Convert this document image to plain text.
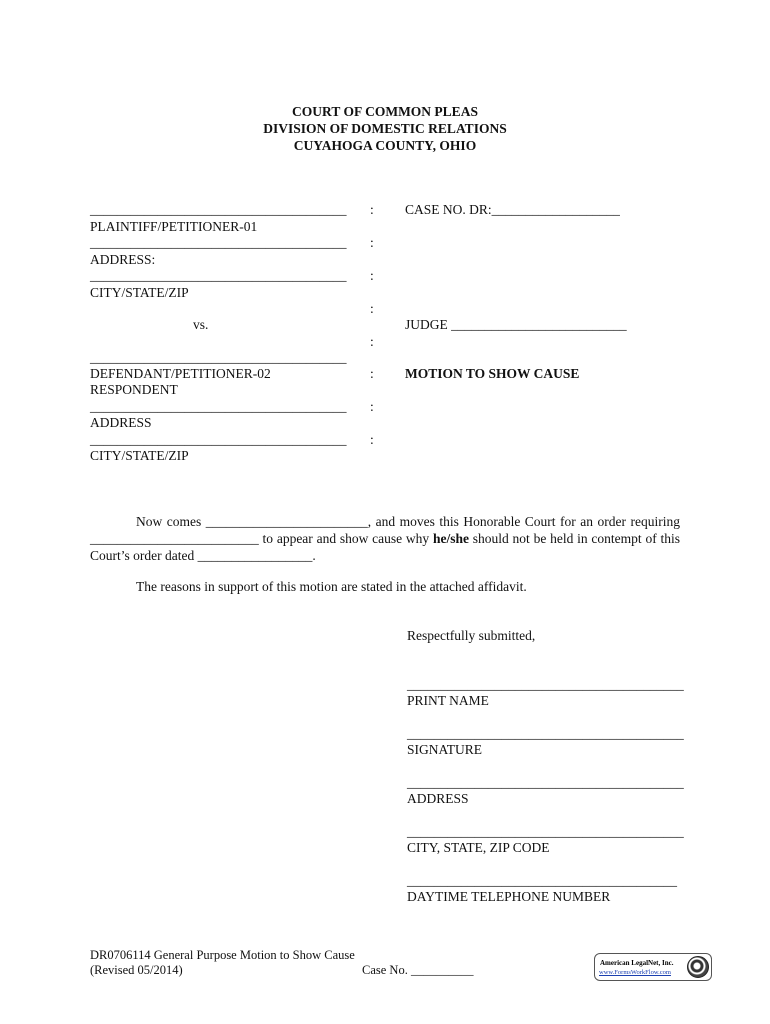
COURT OF COMMON PLEAS
DIVISION OF DOMESTIC RELATIONS
CUYAHOGA COUNTY, OHIO
______________________________________
PLAINTIFF/PETITIONER-01
______________________________________
ADDRESS:
______________________________________
CITY/STATE/ZIP
vs.
______________________________________
DEFENDANT/PETITIONER-02
RESPONDENT
______________________________________
ADDRESS
______________________________________
CITY/STATE/ZIP
:
:
:
:
:
:
:
:
CASE NO. DR:___________________
JUDGE __________________________
MOTION TO SHOW CAUSE
Now comes ________________________, and moves this Honorable Court for an order requiring _________________________ to appear and show cause why he/she should not be held in contempt of this Court’s order dated _________________.
The reasons in support of this motion are stated in the attached affidavit.
Respectfully submitted,
_________________________________________
PRINT NAME
_________________________________________
SIGNATURE
_________________________________________
ADDRESS
_________________________________________
CITY, STATE, ZIP CODE
________________________________________
DAYTIME TELEPHONE NUMBER
DR0706114 General Purpose Motion to Show Cause
(Revised 05/2014)	Case No. __________	American LegalNet, Inc.
www.FormsWorkFlow.com
